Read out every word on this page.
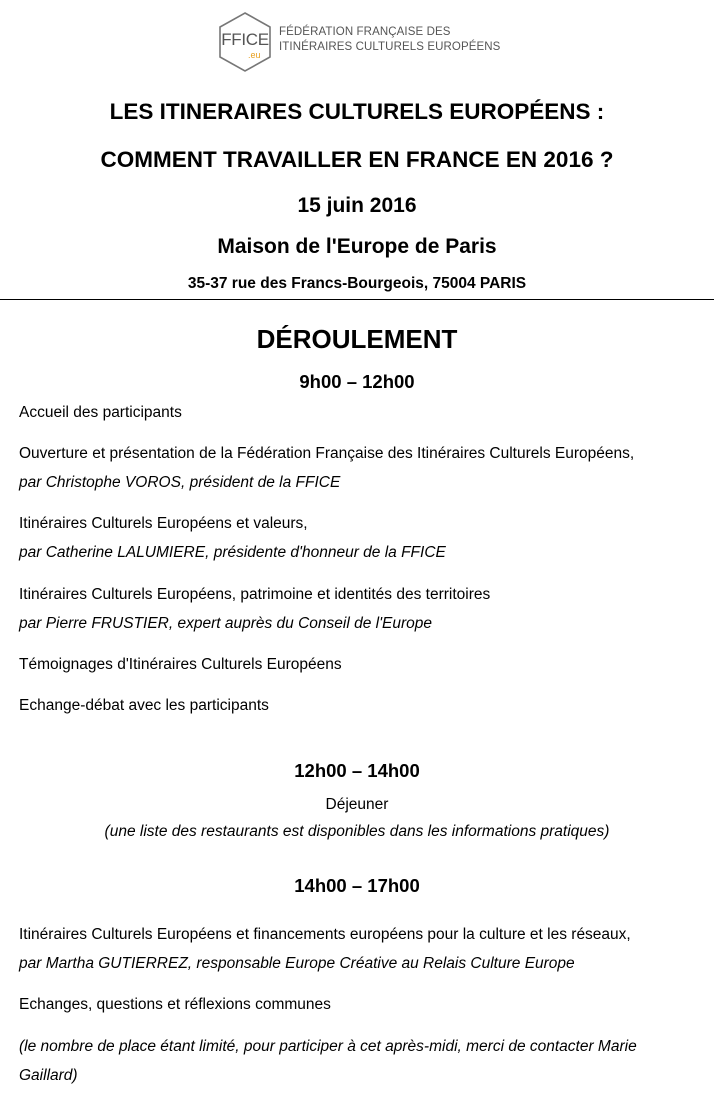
FFICE
.eu
FÉDÉRATION FRANÇAISE DES
ITINÉRAIRES CULTURELS EUROPÉENS
LES ITINERAIRES CULTURELS EUROPÉENS :
COMMENT TRAVAILLER EN FRANCE EN 2016 ?
15 juin 2016
Maison de l'Europe de Paris
35-37 rue des Francs-Bourgeois, 75004 PARIS
DÉROULEMENT
9h00 – 12h00
Accueil des participants
Ouverture et présentation de la Fédération Française des Itinéraires Culturels Européens,
par Christophe VOROS, président de la FFICE
Itinéraires Culturels Européens et valeurs,
par Catherine LALUMIERE, présidente d'honneur de la FFICE
Itinéraires Culturels Européens, patrimoine et identités des territoires
par Pierre FRUSTIER, expert auprès du Conseil de l'Europe
Témoignages d'Itinéraires Culturels Européens
Echange-débat avec les participants
12h00 – 14h00
Déjeuner
(une liste des restaurants est disponibles dans les informations pratiques)
14h00 – 17h00
Itinéraires Culturels Européens et financements européens pour la culture et les réseaux,
par Martha GUTIERREZ, responsable Europe Créative au Relais Culture Europe
Echanges, questions et réflexions communes
(le nombre de place étant limité, pour participer à cet après-midi, merci de contacter Marie Gaillard)
